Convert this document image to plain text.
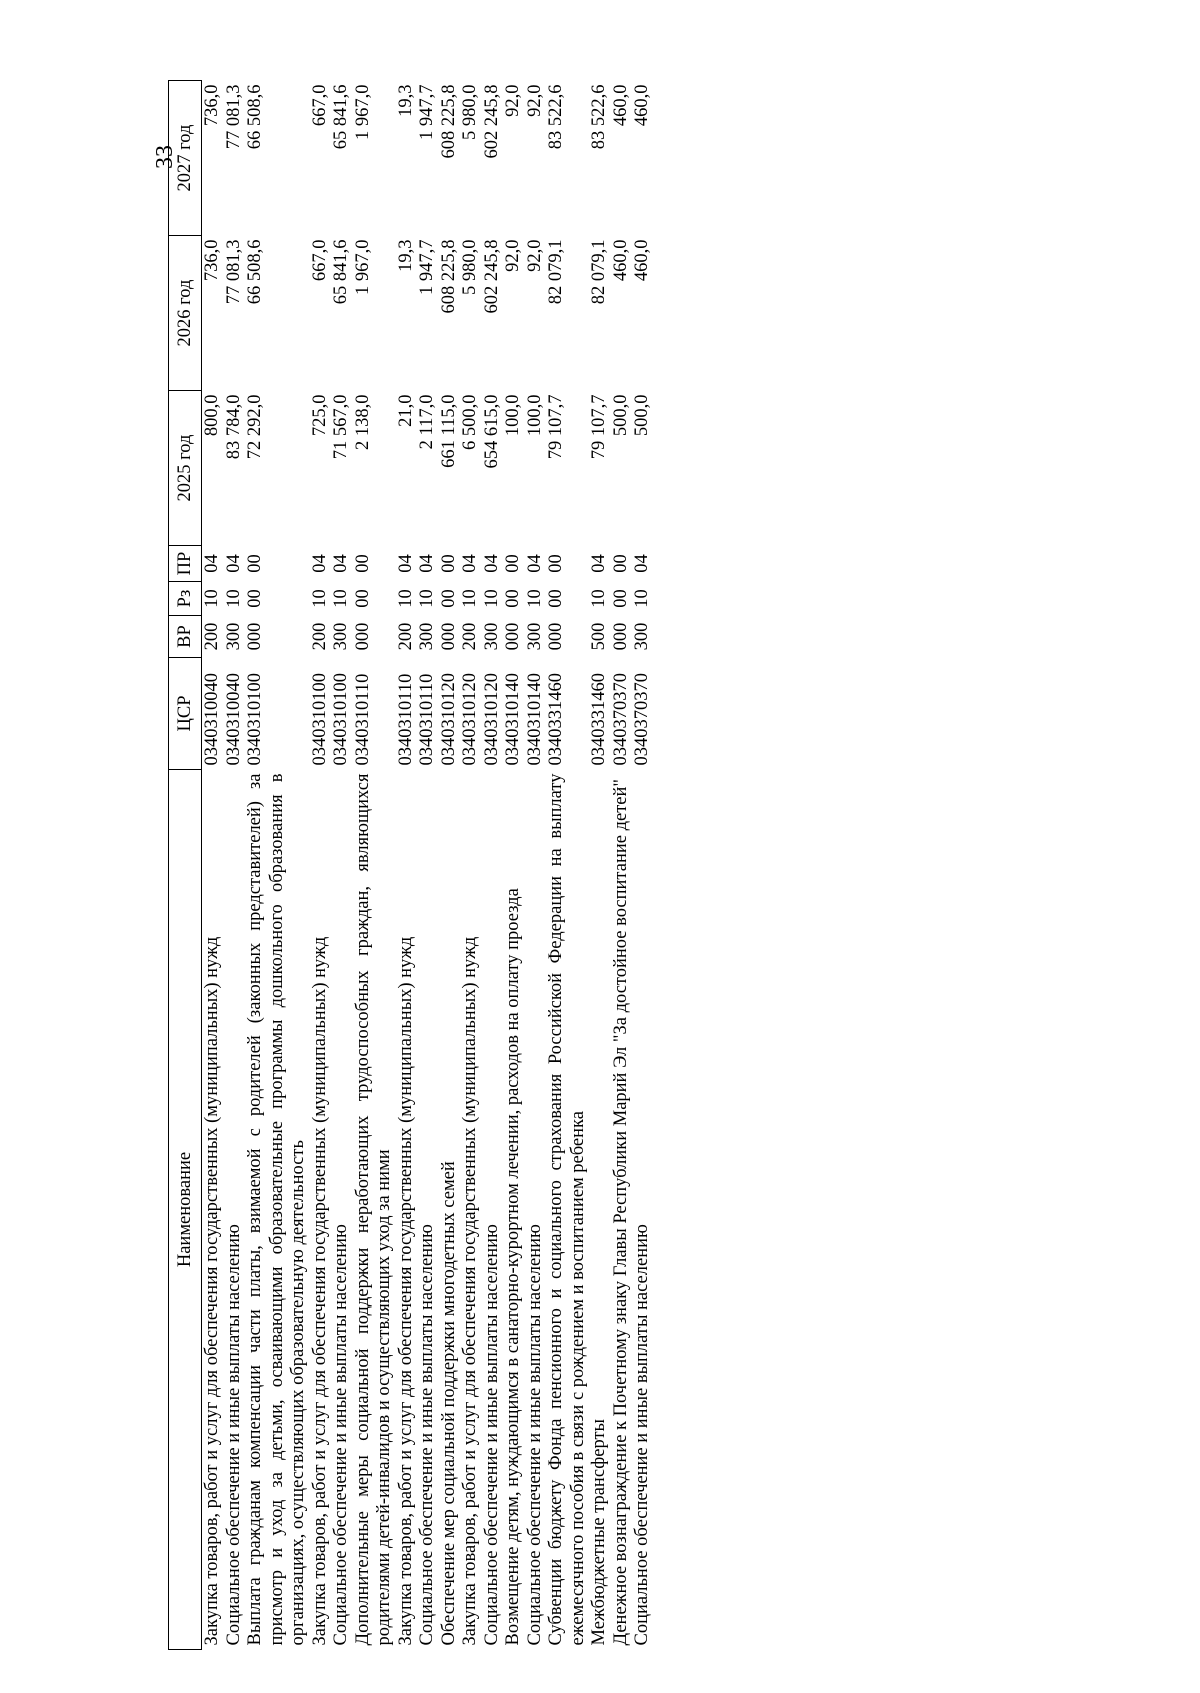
33
Наименование	ЦСР	ВР	Рз	ПР	2025 год	2026 год	2027 год
Закупка товаров, работ и услуг для обеспечения государственных (муниципальных) нужд	0340310040	200	10	04	800,0	736,0	736,0
Социальное обеспечение и иные выплаты населению	0340310040	300	10	04	83 784,0	77 081,3	77 081,3
Выплата гражданам компенсации части платы, взимаемой с родителей (законных представителей) за присмотр и уход за детьми, осваивающими образовательные программы дошкольного образования в организациях, осуществляющих образовательную деятельность	0340310100	000	00	00	72 292,0	66 508,6	66 508,6
Закупка товаров, работ и услуг для обеспечения государственных (муниципальных) нужд	0340310100	200	10	04	725,0	667,0	667,0
Социальное обеспечение и иные выплаты населению	0340310100	300	10	04	71 567,0	65 841,6	65 841,6
Дополнительные меры социальной поддержки неработающих трудоспособных граждан, являющихся родителями детей-инвалидов и осуществляющих уход за ними	0340310110	000	00	00	2 138,0	1 967,0	1 967,0
Закупка товаров, работ и услуг для обеспечения государственных (муниципальных) нужд	0340310110	200	10	04	21,0	19,3	19,3
Социальное обеспечение и иные выплаты населению	0340310110	300	10	04	2 117,0	1 947,7	1 947,7
Обеспечение мер социальной поддержки многодетных семей	0340310120	000	00	00	661 115,0	608 225,8	608 225,8
Закупка товаров, работ и услуг для обеспечения государственных (муниципальных) нужд	0340310120	200	10	04	6 500,0	5 980,0	5 980,0
Социальное обеспечение и иные выплаты населению	0340310120	300	10	04	654 615,0	602 245,8	602 245,8
Возмещение детям, нуждающимся в санаторно-курортном лечении, расходов на оплату проезда	0340310140	000	00	00	100,0	92,0	92,0
Социальное обеспечение и иные выплаты населению	0340310140	300	10	04	100,0	92,0	92,0
Субвенции бюджету Фонда пенсионного и социального страхования Российской Федерации на выплату ежемесячного пособия в связи с рождением и воспитанием ребенка	0340331460	000	00	00	79 107,7	82 079,1	83 522,6
Межбюджетные трансферты	0340331460	500	10	04	79 107,7	82 079,1	83 522,6
Денежное вознаграждение к Почетному знаку Главы Республики Марий Эл "За достойное воспитание детей"	0340370370	000	00	00	500,0	460,0	460,0
Социальное обеспечение и иные выплаты населению	0340370370	300	10	04	500,0	460,0	460,0
